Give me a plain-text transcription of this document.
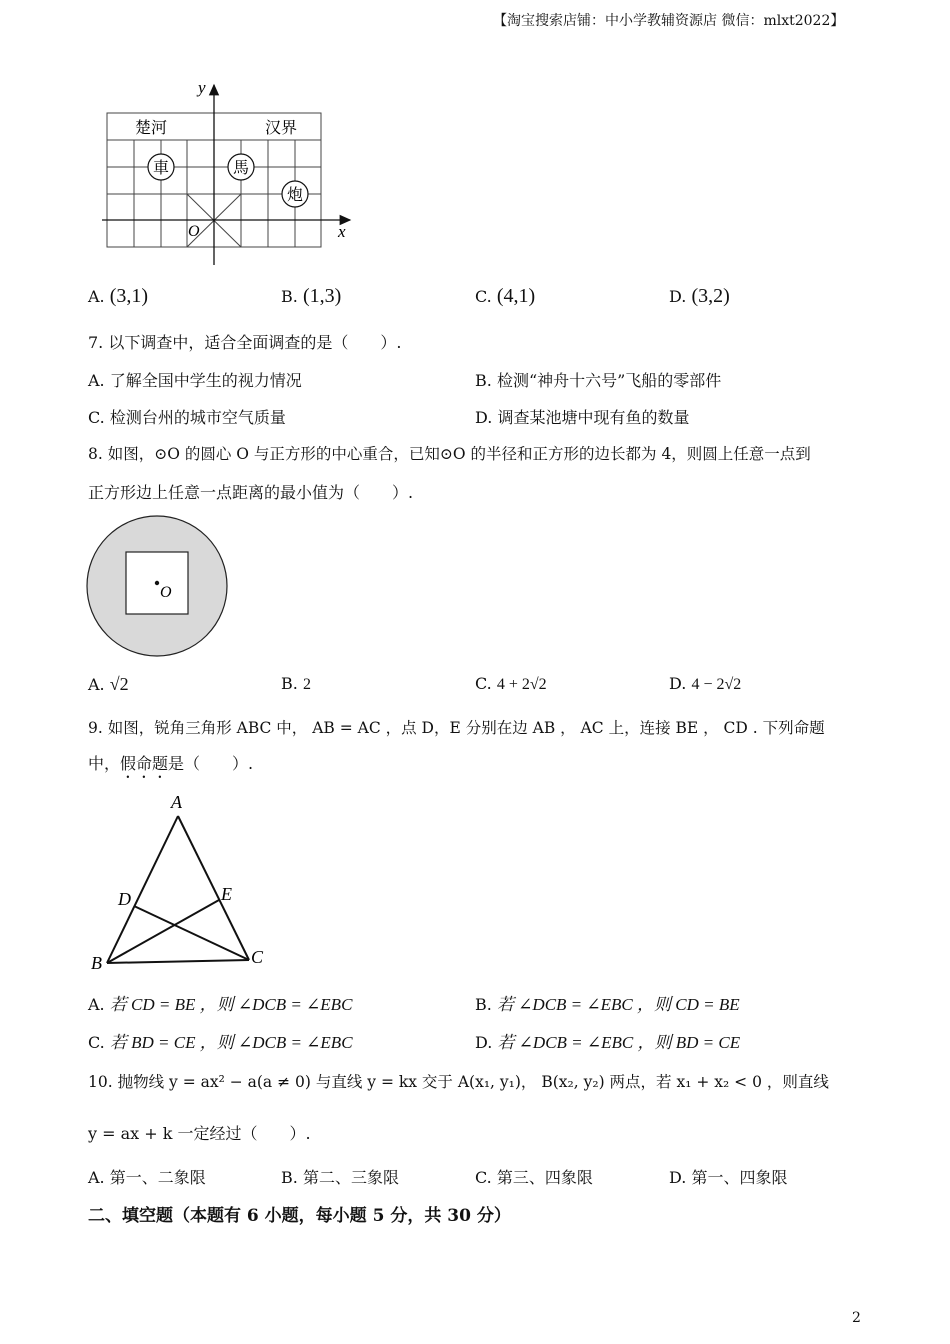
【淘宝搜索店铺：中小学教辅资源店 微信：mlxt2022】
x
y
O
楚河	汉界
車	馬
炮
A. (3,1)	B. (1,3)	C. (4,1)	D. (3,2)
7. 以下调查中，适合全面调查的是（　　）.
A. 了解全国中学生的视力情况	B. 检测“神舟十六号”飞船的零部件
C. 检测台州的城市空气质量	D. 调查某池塘中现有鱼的数量
8. 如图，⊙O 的圆心 O 与正方形的中心重合，已知⊙O 的半径和正方形的边长都为 4，则圆上任意一点到
正方形边上任意一点距离的最小值为（　　）.
O
A. √2	B. 2	C. 4 + 2√2	D. 4 − 2√2
9. 如图，锐角三角形 ABC 中， AB = AC ，点 D，E 分别在边 AB ， AC 上，连接 BE ， CD . 下列命题
中，假命题是（　　）.
A
B	C
D	E
A. 若 CD = BE ，则 ∠DCB = ∠EBC	B. 若 ∠DCB = ∠EBC ，则 CD = BE
C. 若 BD = CE ，则 ∠DCB = ∠EBC	D. 若 ∠DCB = ∠EBC ，则 BD = CE
10. 抛物线 y = ax² − a(a ≠ 0) 与直线 y = kx 交于 A(x₁, y₁)， B(x₂, y₂) 两点，若 x₁ + x₂ < 0 ，则直线
y = ax + k 一定经过（　　）.
A. 第一、二象限	B. 第二、三象限	C. 第三、四象限	D. 第一、四象限
二、填空题（本题有 6 小题，每小题 5 分，共 30 分）
2
